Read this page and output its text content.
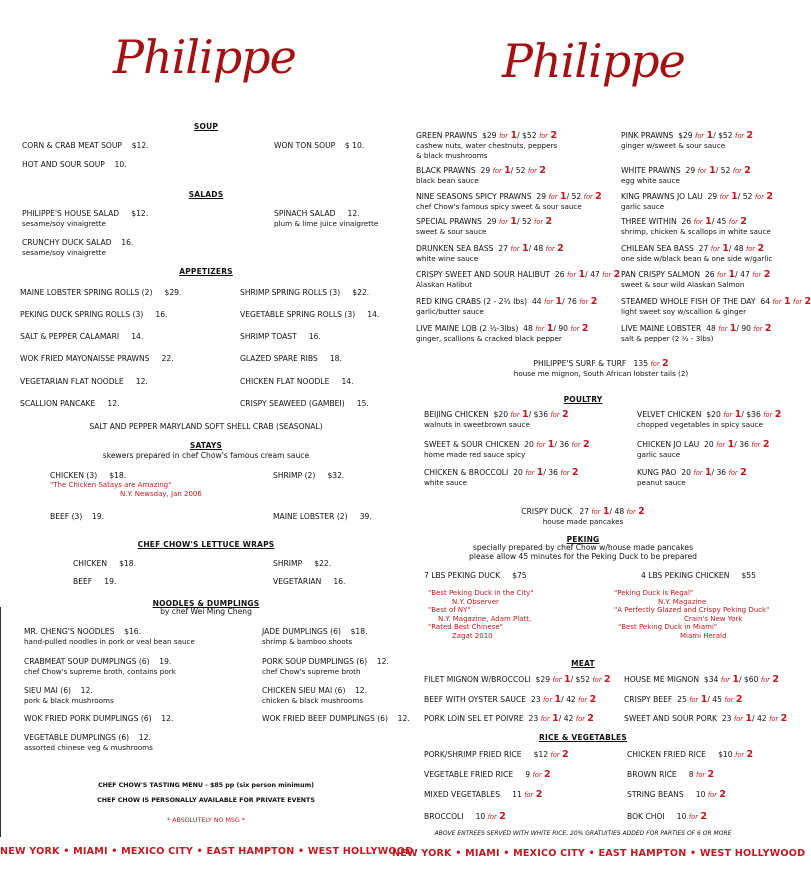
Philippe	Philippe
SOUP
CORN & CRAB MEAT SOUP $12.	WON TON SOUP $ 10.
HOT AND SOUR SOUP 10.
SALADS
PHILIPPE'S HOUSE SALAD $12.
sesame/soy vinaigrette
SPINACH SALAD 12.
plum & lime juice vinaigrette
CRUNCHY DUCK SALAD 16.
sesame/soy vinaigrette
APPETIZERS
MAINE LOBSTER SPRING ROLLS (2) $29.	SHRIMP SPRING ROLLS (3) $22.
PEKING DUCK SPRING ROLLS (3) 16.	VEGETABLE SPRING ROLLS (3) 14.
SALT & PEPPER CALAMARI 14.	SHRIMP TOAST 16.
WOK FRIED MAYONAISSE PRAWNS 22.	GLAZED SPARE RIBS 18.
VEGETARIAN FLAT NOODLE 12.	CHICKEN FLAT NOODLE 14.
SCALLION PANCAKE 12.	CRISPY SEAWEED (GAMBEI) 15.
SALT AND PEPPER MARYLAND SOFT SHELL CRAB (SEASONAL)
SATAYS
skewers prepared in chef Chow's famous cream sauce
CHICKEN (3) $18.	SHRIMP (2) $32.
"The Chicken Satays are Amazing"
N.Y. Newsday, Jan 2006
BEEF (3) 19.	MAINE LOBSTER (2) 39.
CHEF CHOW'S LETTUCE WRAPS
CHICKEN $18.	SHRIMP $22.
BEEF 19.	VEGETARIAN 16.
NOODLES & DUMPLINGS
by chef Wei Ming Cheng
MR. CHENG'S NOODLES $16.
hand-pulled noodles in pork or veal bean sauce
JADE DUMPLINGS (6) $18.
shrimp & bamboo shoots
CRABMEAT SOUP DUMPLINGS (6) 19.
chef Chow's supreme broth, contains pork
PORK SOUP DUMPLINGS (6) 12.
chef Chow's supreme broth
SIEU MAI (6) 12.
pork & black mushrooms
CHICKEN SIEU MAI (6) 12.
chicken & black mushrooms
WOK FRIED PORK DUMPLINGS (6) 12.	WOK FRIED BEEF DUMPLINGS (6) 12.
VEGETABLE DUMPLINGS (6) 12.
assorted chinese veg & mushrooms
CHEF CHOW'S TASTING MENU - $85 pp (six person minimum)
CHEF CHOW IS PERSONALLY AVAILABLE FOR PRIVATE EVENTS
* ABSOLUTELY NO MSG *
NEW YORK • MIAMI • MEXICO CITY • EAST HAMPTON • WEST HOLLYWOOD
GREEN PRAWNS $29 for 1/ $52 for 2
cashew nuts, water chestnuts, peppers
& black mushrooms
PINK PRAWNS $29 for 1/ $52 for 2
ginger w/sweet & sour sauce
BLACK PRAWNS 29 for 1/ 52 for 2
black bean sauce
WHITE PRAWNS 29 for 1/ 52 for 2
egg white sauce
NINE SEASONS SPICY PRAWNS 29 for 1/ 52 for 2
chef Chow's famous spicy sweet & sour sauce
KING PRAWNS JO LAU 29 for 1/ 52 for 2
garlic sauce
SPECIAL PRAWNS 29 for 1/ 52 for 2
sweet & sour sauce
THREE WITHIN 26 for 1/ 45 for 2
shrimp, chicken & scallops in white sauce
DRUNKEN SEA BASS 27 for 1/ 48 for 2
white wine sauce
CHILEAN SEA BASS 27 for 1/ 48 for 2
one side w/black bean & one side w/garlic
CRISPY SWEET AND SOUR HALIBUT 26 for 1/ 47 for 2
Alaskan Halibut
PAN CRISPY SALMON 26 for 1/ 47 for 2
sweet & sour wild Alaskan Salmon
RED KING CRABS (2 - 2½ lbs) 44 for 1/ 76 for 2
garlic/butter sauce
STEAMED WHOLE FISH OF THE DAY 64 for 1 for 2
light sweet soy w/scallion & ginger
LIVE MAINE LOB (2 ½-3lbs) 48 for 1/ 90 for 2
ginger, scallions & cracked black pepper
LIVE MAINE LOBSTER 48 for 1/ 90 for 2
salt & pepper (2 ½ - 3lbs)
PHILIPPE'S SURF & TURF 135 for 2
house me mignon, South African lobster tails (2)
POULTRY
BEIJING CHICKEN $20 for 1/ $36 for 2
walnuts in sweetbrown sauce
VELVET CHICKEN $20 for 1/ $36 for 2
chopped vegetables in spicy sauce
SWEET & SOUR CHICKEN 20 for 1/ 36 for 2
home made red sauce spicy
CHICKEN JO LAU 20 for 1/ 36 for 2
garlic sauce
CHICKEN & BROCCOLI 20 for 1/ 36 for 2
white sauce
KUNG PAO 20 for 1/ 36 for 2
peanut sauce
CRISPY DUCK 27 for 1/ 48 for 2
house made pancakes
PEKING
specially prepared by chef Chow w/house made pancakes
please allow 45 minutes for the Peking Duck to be prepared
7 LBS PEKING DUCK $75	4 LBS PEKING CHICKEN $55
"Best Peking Duck in the City"
N.Y. Observer
"Best of NY"
N.Y. Magazine, Adam Platt,
"Rated Best Chinese"
Zagat 2010
"Peking Duck is Regal"
N.Y. Magazine
"A Perfectly Glazed and Crispy Peking Duck"
Crain's New York
"Best Peking Duck in Miami"
Miami Herald
MEAT
FILET MIGNON W/BROCCOLI $29 for 1/ $52 for 2 HOUSE ME MIGNON $34 for 1/ $60 for 2
BEEF WITH OYSTER SAUCE 23 for 1/ 42 for 2	CRISPY BEEF 25 for 1/ 45 for 2
PORK LOIN SEL ET POIVRE 23 for 1/ 42 for 2	SWEET AND SOUR PORK 23 for 1/ 42 for 2
RICE & VEGETABLES
PORK/SHRIMP FRIED RICE $12 for 2	CHICKEN FRIED RICE $10 for 2
VEGETABLE FRIED RICE 9 for 2	BROWN RICE 8 for 2
MIXED VEGETABLES 11 for 2	STRING BEANS 10 for 2
BROCCOLI 10 for 2	BOK CHOI 10 for 2
ABOVE ENTREES SERVED WITH WHITE RICE. 20% GRATUITIES ADDED FOR PARTIES OF 6 OR MORE
NEW YORK • MIAMI • MEXICO CITY • EAST HAMPTON • WEST HOLLYWOOD
